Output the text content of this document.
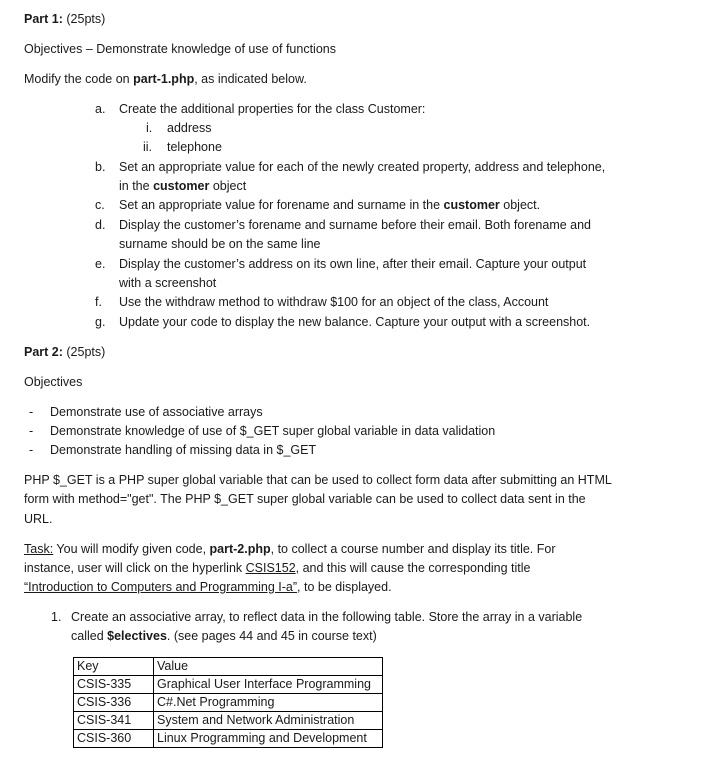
Part 1: (25pts)
Objectives – Demonstrate knowledge of use of functions
Modify the code on part-1.php, as indicated below.
a. Create the additional properties for the class Customer:
i. address
ii. telephone
b. Set an appropriate value for each of the newly created property, address and telephone,
in the customer object
c. Set an appropriate value for forename and surname in the customer object.
d. Display the customer’s forename and surname before their email. Both forename and
surname should be on the same line
e. Display the customer’s address on its own line, after their email. Capture your output
with a screenshot
f. Use the withdraw method to withdraw $100 for an object of the class, Account
g. Update your code to display the new balance. Capture your output with a screenshot.
Part 2: (25pts)
Objectives
- Demonstrate use of associative arrays
- Demonstrate knowledge of use of $_GET super global variable in data validation
- Demonstrate handling of missing data in $_GET
PHP $_GET is a PHP super global variable that can be used to collect form data after submitting an HTML
form with method="get". The PHP $_GET super global variable can be used to collect data sent in the
URL.
Task: You will modify given code, part-2.php, to collect a course number and display its title. For
instance, user will click on the hyperlink CSIS152, and this will cause the corresponding title
“Introduction to Computers and Programming I-a”, to be displayed.
1. Create an associative array, to reflect data in the following table. Store the array in a variable
called $electives. (see pages 44 and 45 in course text)
Key	Value
CSIS-335	Graphical User Interface Programming
CSIS-336	C#.Net Programming
CSIS-341	System and Network Administration
CSIS-360	Linux Programming and Development
